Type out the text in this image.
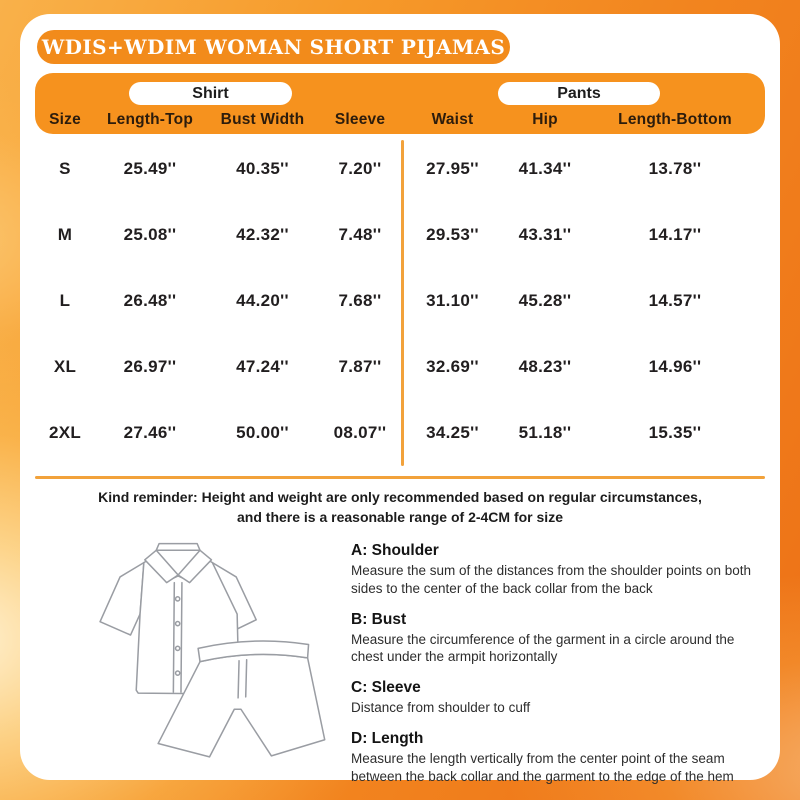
WDIS+WDIM WOMAN SHORT PIJAMAS
Shirt	Pants
Size	Length-Top	Bust Width	Sleeve	Waist	Hip	Length-Bottom
S	25.49''	40.35''	7.20''	27.95''	41.34''	13.78''
M	25.08''	42.32''	7.48''	29.53''	43.31''	14.17''
L	26.48''	44.20''	7.68''	31.10''	45.28''	14.57''
XL	26.97''	47.24''	7.87''	32.69''	48.23''	14.96''
2XL	27.46''	50.00''	08.07''	34.25''	51.18''	15.35''
Kind reminder: Height and weight are only recommended based on regular circumstances,
and there is a reasonable range of 2-4CM for size
A: Shoulder
Measure the sum of the distances from the shoulder points on both sides to the center of the back collar from the back
B: Bust
Measure the circumference of the garment in a circle around the chest under the armpit horizontally
C: Sleeve
Distance from shoulder to cuff
D: Length
Measure the length vertically from the center point of the seam between the back collar and the garment to the edge of the hem
